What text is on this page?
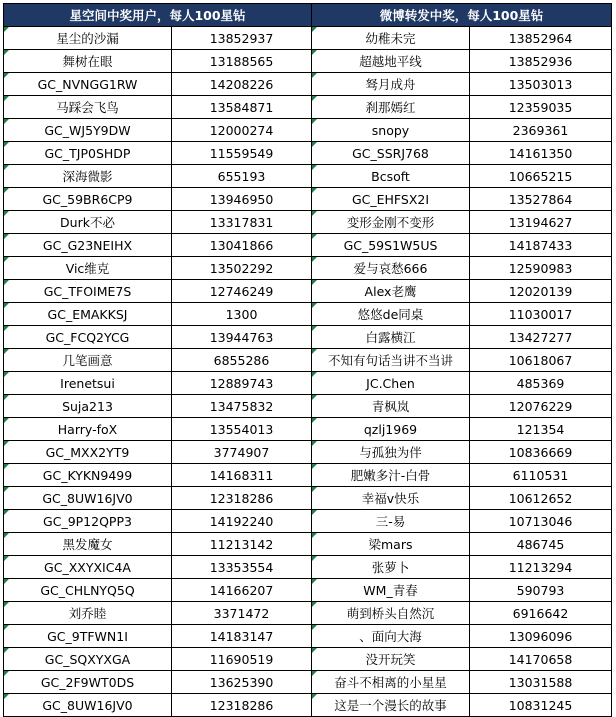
星空间中奖用户，每人100星钻		微博转发中奖，每人100星钻	
星尘的沙漏	13852937	幼稚未完	13852964
舞树在眼	13188565	超越地平线	13852936
GC_NVNGG1RW	14208226	驽月成舟	13503013
马踩会飞鸟	13584871	刹那嫣红	12359035
GC_WJ5Y9DW	12000274	snopy	2369361
GC_TJP0SHDP	11559549	GC_SSRJ768	14161350
深海微影	655193	Bcsoft	10665215
GC_59BR6CP9	13946950	GC_EHFSX2I	13527864
Durk不必	13317831	变形金刚不变形	13194627
GC_G23NEIHX	13041866	GC_59S1W5US	14187433
Vic维克	13502292	爱与哀愁666	12590983
GC_TFOIME7S	12746249	Alex老鹰	12020139
GC_EMAKKSJ	1300	悠悠de同桌	11030017
GC_FCQ2YCG	13944763	白露横江	13427277
几笔画意	6855286	不知有句话当讲不当讲	10618067
Irenetsui	12889743	JC.Chen	485369
Suja213	13475832	青枫岚	12076229
Harry-foX	13554013	qzlj1969	121354
GC_MXX2YT9	3774907	与孤独为伴	10836669
GC_KYKN9499	14168311	肥嫩多汁-白骨	6110531
GC_8UW16JV0	12318286	幸福v快乐	10612652
GC_9P12QPP3	14192240	三-易	10713046
黑发魔女	11213142	梁mars	486745
GC_XXYXIC4A	13353554	张萝卜	11213294
GC_CHLNYQ5Q	14166207	WM_青春	590793
刘乔睦	3371472	萌到桥头自然沉	6916642
GC_9TFWN1I	14183147	、面向大海	13096096
GC_SQXYXGA	11690519	没开玩笑	14170658
GC_2F9WT0DS	13625390	奋斗不相离的小星星	13031588
GC_8UW16JV0	12318286	这是一个漫长的故事	10831245
